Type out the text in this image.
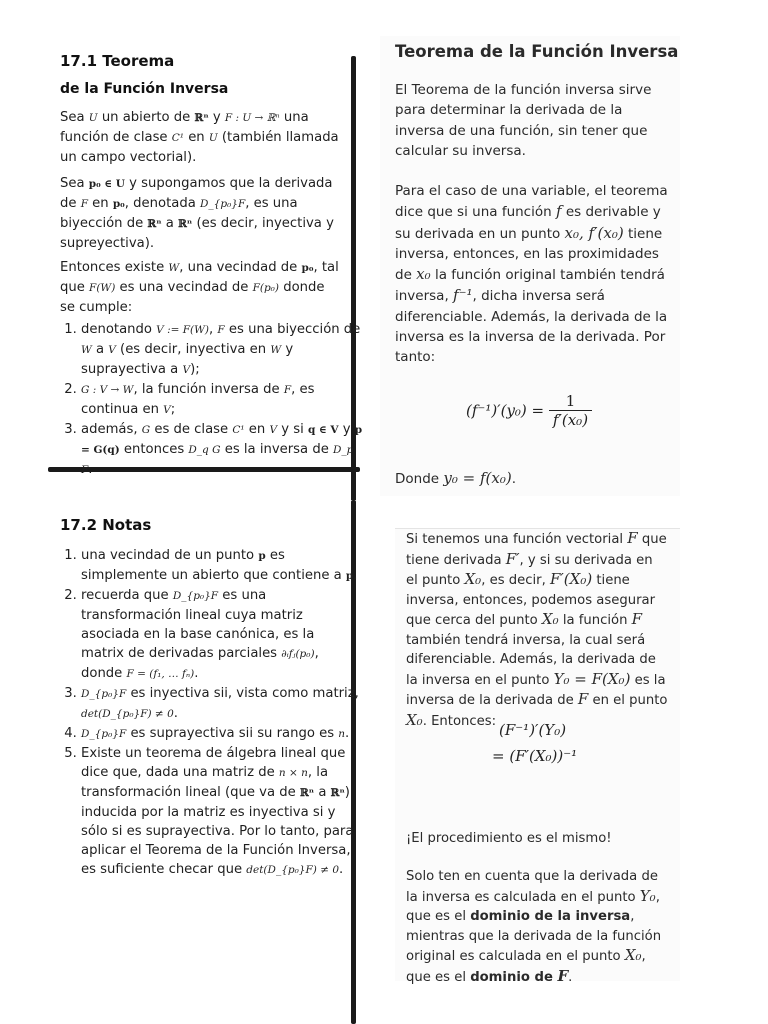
17.1 Teorema
de la Función Inversa
Sea U un abierto de ℝⁿ y F : U → ℝⁿ una función de clase C¹ en U (también llamada un campo vectorial).
Sea p₀ ∈ U y supongamos que la derivada de F en p₀, denotada D_{p₀}F, es una biyección de ℝⁿ a ℝⁿ (es decir, inyectiva y supreyectiva).
Entonces existe W, una vecindad de p₀, tal que F(W) es una vecindad de F(p₀) donde se cumple:
1. denotando V := F(W), F es una biyección de W a V (es decir, inyectiva en W y suprayectiva a V);
2. G : V → W, la función inversa de F, es continua en V;
3. además, G es de clase C¹ en V y si q ∈ V y p = G(q) entonces D_q G es la inversa de D_p F.
Teorema de la Función Inversa
El Teorema de la función inversa sirve para determinar la derivada de la inversa de una función, sin tener que calcular su inversa.
Para el caso de una variable, el teorema dice que si una función f es derivable y su derivada en un punto x₀, f′(x₀) tiene inversa, entonces, en las proximidades de x₀ la función original también tendrá inversa, f⁻¹, dicha inversa será diferenciable. Además, la derivada de la inversa es la inversa de la derivada. Por tanto:
$(f^{-1})'(y_0) = \frac{1}{\text{f′(x₀)}}$
Donde y₀ = f(x₀).
17.2 Notas
1. una vecindad de un punto p es simplemente un abierto que contiene a p.
2. recuerda que D_{p₀}F es una transformación lineal cuya matriz asociada en la base canónica, es la matrix de derivadas parciales ∂ᵢfⱼ(p₀), donde F = (f₁, … fₙ).
3. D_{p₀}F es inyectiva sii, vista como matriz, det(D_{p₀}F) ≠ 0.
4. D_{p₀}F es suprayectiva sii su rango es n.
5. Existe un teorema de álgebra lineal que dice que, dada una matriz de n × n, la transformación lineal (que va de ℝⁿ a ℝⁿ) inducida por la matriz es inyectiva si y sólo si es suprayectiva. Por lo tanto, para aplicar el Teorema de la Función Inversa, es suficiente checar que det(D_{p₀}F) ≠ 0.
Si tenemos una función vectorial F que tiene derivada F′, y si su derivada en el punto X₀, es decir, F′(X₀) tiene inversa, entonces, podemos asegurar que cerca del punto X₀ la función F también tendrá inversa, la cual será diferenciable. Además, la derivada de la inversa en el punto Y₀ = F(X₀) es la inversa de la derivada de F en el punto X₀. Entonces: (F⁻¹)′(Y₀)
= (F′(X₀))⁻¹
¡El procedimiento es el mismo!
Solo ten en cuenta que la derivada de la inversa es calculada en el punto Y₀, que es el dominio de la inversa, mientras que la derivada de la función original es calculada en el punto X₀, que es el dominio de F.
